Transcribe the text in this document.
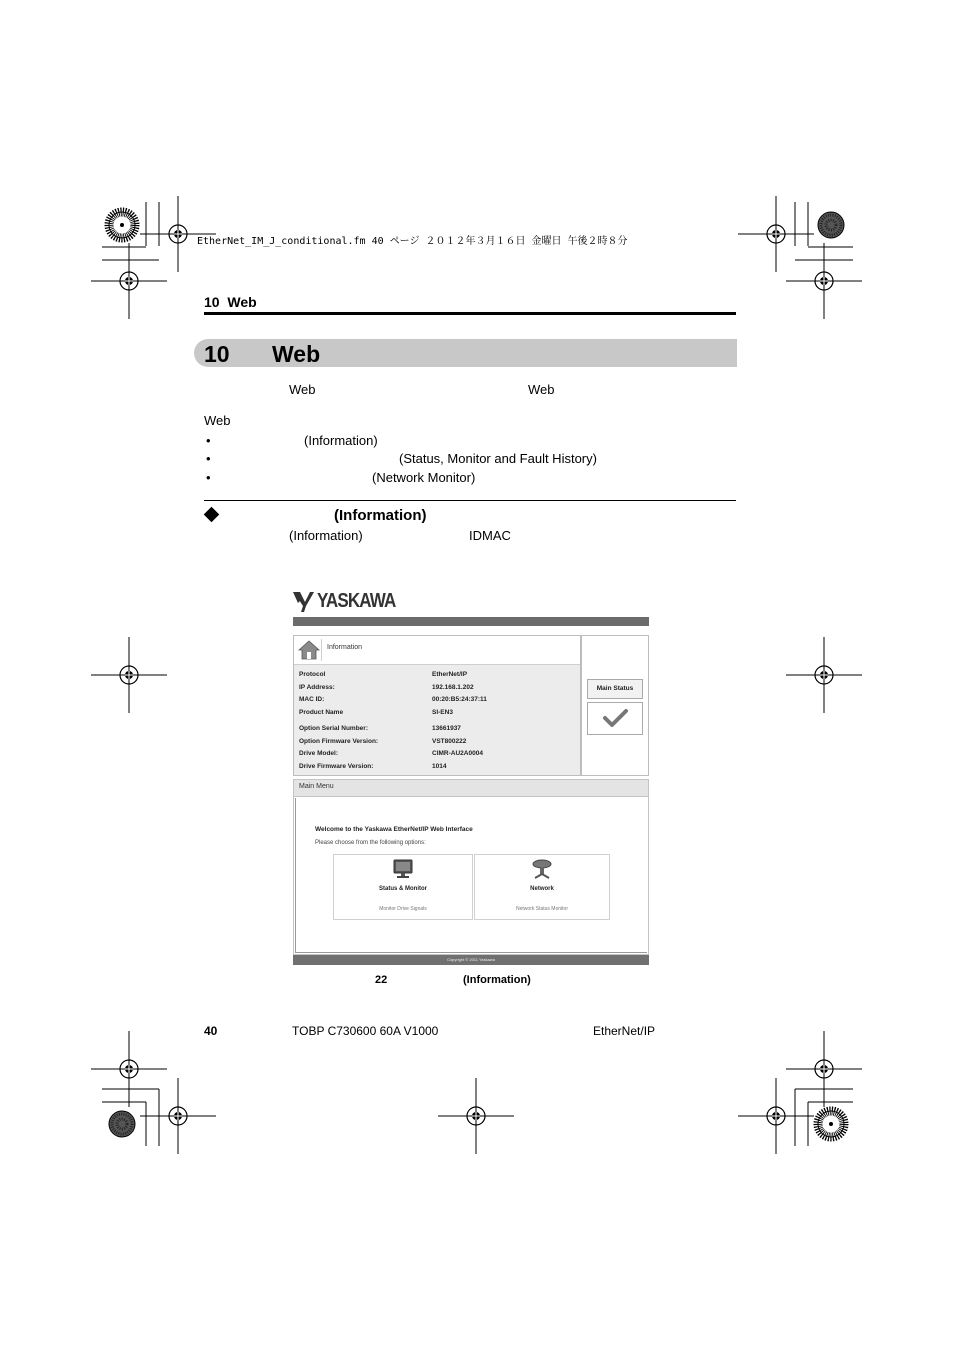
EtherNet_IM_J_conditional.fm 40 ページ ２０１２年３月１６日 金曜日 午後２時８分
10 Web
10 Web
Web	Web
Web
•	(Information)
•	(Status, Monitor and Fault History)
•	(Network Monitor)
(Information)
(Information)	IDMAC
YASKAWA
Information
Protocol	EtherNet/IP
IP Address:	192.168.1.202
MAC ID:	00:20:B5:24:37:11
Product Name	SI-EN3
Option Serial Number:	13661937
Option Firmware Version:	VST800222
Drive Model:	CIMR-AU2A0004
Drive Firmware Version:	1014
Main Status
Main Menu
Welcome to the Yaskawa EtherNet/IP Web Interface
Please choose from the following options:
Status & Monitor
Monitor Drive Signals
Network
Network Status Monitor
Copyright © 2011 Yaskawa
22	(Information)
40	TOBP C730600 60A V1000	EtherNet/IP
